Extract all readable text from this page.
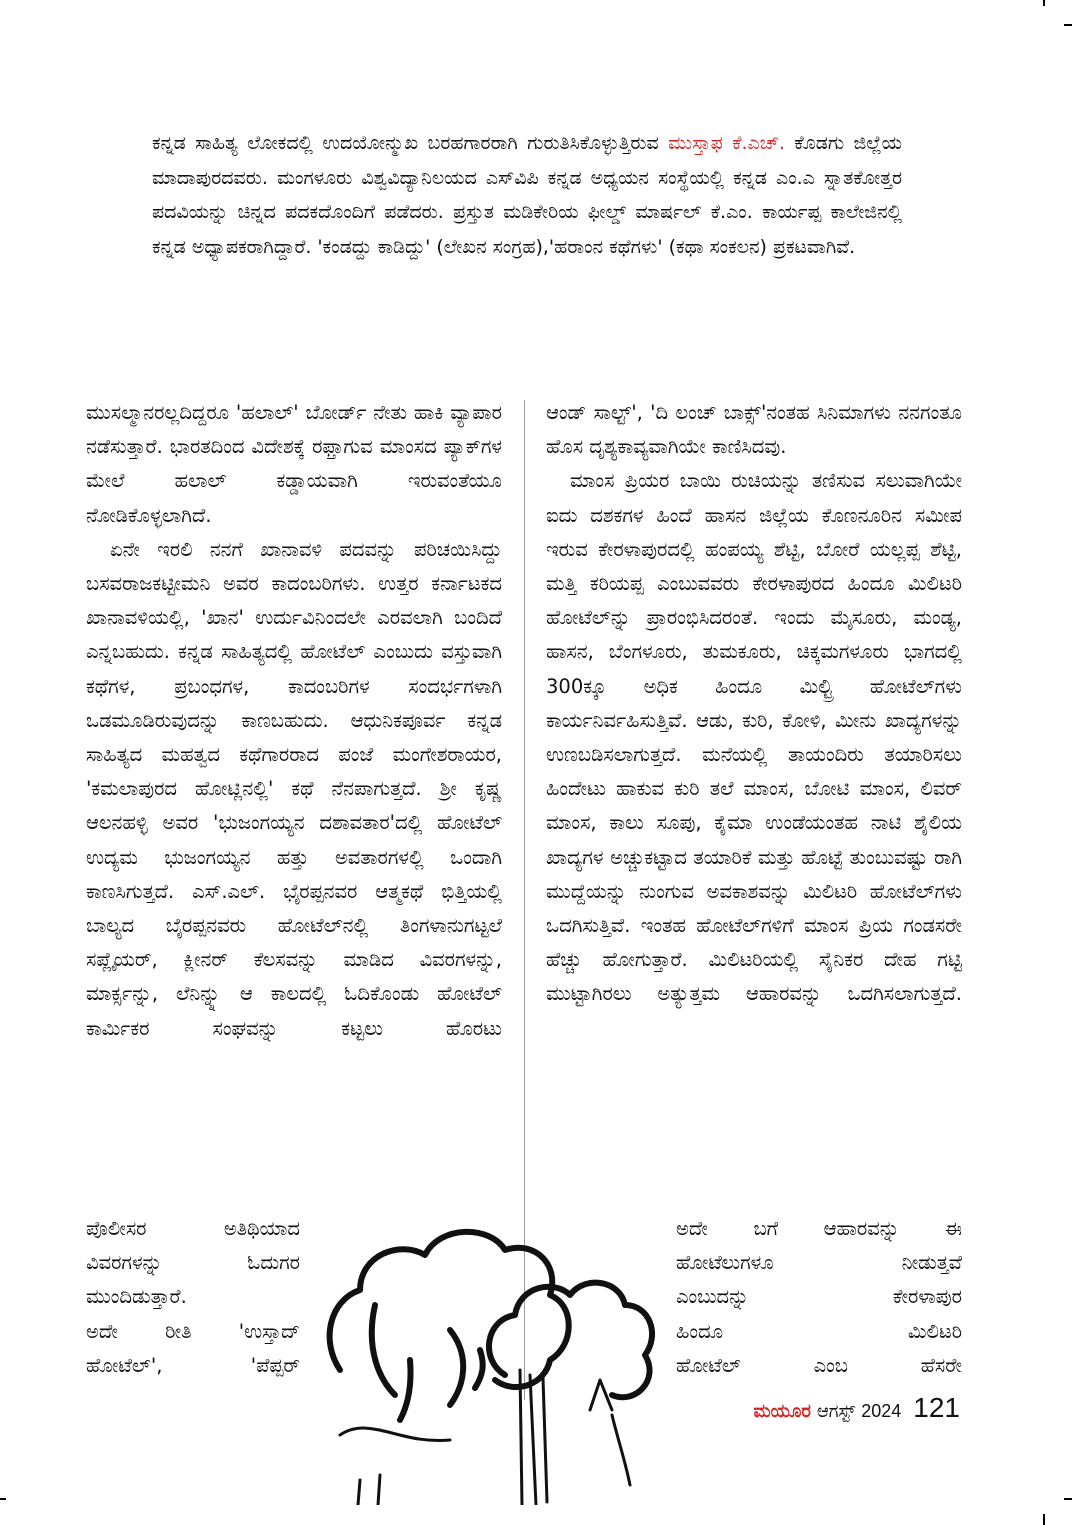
ಕನ್ನಡ ಸಾಹಿತ್ಯ ಲೋಕದಲ್ಲಿ ಉದಯೋನ್ಮುಖ ಬರಹಗಾರರಾಗಿ ಗುರುತಿಸಿಕೊಳ್ಳುತ್ತಿರುವ ಮುಸ್ತಾಫ ಕೆ.ಎಚ್. ಕೊಡಗು ಜಿಲ್ಲೆಯ ಮಾದಾಪುರದವರು. ಮಂಗಳೂರು ವಿಶ್ವವಿದ್ಯಾನಿಲಯದ ಎಸ್‌ವಿಪಿ ಕನ್ನಡ ಅಧ್ಯಯನ ಸಂಸ್ಥೆಯಲ್ಲಿ ಕನ್ನಡ ಎಂ.ಎ ಸ್ನಾತಕೋತ್ತರ ಪದವಿಯನ್ನು ಚಿನ್ನದ ಪದಕದೊಂದಿಗೆ ಪಡೆದರು. ಪ್ರಸ್ತುತ ಮಡಿಕೇರಿಯ ಫೀಲ್ಡ್ ಮಾರ್ಷಲ್ ಕೆ.ಎಂ. ಕಾರ್ಯಪ್ಪ ಕಾಲೇಜಿನಲ್ಲಿ ಕನ್ನಡ ಅಧ್ಯಾಪಕರಾಗಿದ್ದಾರೆ. 'ಕಂಡದ್ದು ಕಾಡಿದ್ದು' (ಲೇಖನ ಸಂಗ್ರಹ),'ಹರಾಂನ ಕಥೆಗಳು' (ಕಥಾ ಸಂಕಲನ) ಪ್ರಕಟವಾಗಿವೆ.

ಮುಸಲ್ಮಾನರಲ್ಲದಿದ್ದರೂ 'ಹಲಾಲ್' ಬೋರ್ಡ್ ನೇತು ಹಾಕಿ ವ್ಯಾಪಾರ ನಡೆಸುತ್ತಾರೆ. ಭಾರತದಿಂದ ವಿದೇಶಕ್ಕೆ ರಫ್ತಾಗುವ ಮಾಂಸದ ಪ್ಯಾಕ್‌ಗಳ ಮೇಲೆ ಹಲಾಲ್ ಕಡ್ಡಾಯವಾಗಿ ಇರುವಂತೆಯೂ ನೋಡಿಕೊಳ್ಳಲಾಗಿದೆ.

ಏನೇ ಇರಲಿ ನನಗೆ ಖಾನಾವಳಿ ಪದವನ್ನು ಪರಿಚಯಿಸಿದ್ದು ಬಸವರಾಜಕಟ್ಟೀಮನಿ ಅವರ ಕಾದಂಬರಿಗಳು. ಉತ್ತರ ಕರ್ನಾಟಕದ ಖಾನಾವಳಿಯಲ್ಲಿ, 'ಖಾನ' ಉರ್ದುವಿನಿಂದಲೇ ಎರವಲಾಗಿ ಬಂದಿದೆ ಎನ್ನಬಹುದು. ಕನ್ನಡ ಸಾಹಿತ್ಯದಲ್ಲಿ ಹೋಟೆಲ್ ಎಂಬುದು ವಸ್ತುವಾಗಿ ಕಥೆಗಳ, ಪ್ರಬಂಧಗಳ, ಕಾದಂಬರಿಗಳ ಸಂದರ್ಭಗಳಾಗಿ ಒಡಮೂಡಿರುವುದನ್ನು ಕಾಣಬಹುದು. ಆಧುನಿಕಪೂರ್ವ ಕನ್ನಡ ಸಾಹಿತ್ಯದ ಮಹತ್ವದ ಕಥೆಗಾರರಾದ ಪಂಜೆ ಮಂಗೇಶರಾಯರ, 'ಕಮಲಾಪುರದ ಹೋಟ್ಲಿನಲ್ಲಿ' ಕಥೆ ನೆನಪಾಗುತ್ತದೆ. ಶ್ರೀ ಕೃಷ್ಣ ಆಲನಹಳ್ಳಿ ಅವರ 'ಭುಜಂಗಯ್ಯನ ದಶಾವತಾರ'ದಲ್ಲಿ ಹೋಟೆಲ್ ಉದ್ಯಮ ಭುಜಂಗಯ್ಯನ ಹತ್ತು ಅವತಾರಗಳಲ್ಲಿ ಒಂದಾಗಿ ಕಾಣಸಿಗುತ್ತದೆ. ಎಸ್.ಎಲ್. ಭೈರಪ್ಪನವರ ಆತ್ಮಕಥೆ ಭಿತ್ತಿಯಲ್ಲಿ ಬಾಲ್ಯದ ಬೈರಪ್ಪನವರು ಹೋಟೆಲ್‌ನಲ್ಲಿ ತಿಂಗಳಾನುಗಟ್ಟಲೆ ಸಪ್ಲೈಯರ್, ಕ್ಲೀನರ್ ಕೆಲಸವನ್ನು ಮಾಡಿದ ವಿವರಗಳನ್ನು, ಮಾರ್ಕ್ಸನ್ನು, ಲೆನಿನ್ನ್ನು ಆ ಕಾಲದಲ್ಲಿ ಓದಿಕೊಂಡು ಹೋಟೆಲ್ ಕಾರ್ಮಿಕರ ಸಂಘವನ್ನು ಕಟ್ಟಲು ಹೊರಟು

ಪೊಲೀಸರ ಅತಿಥಿಯಾದ
ವಿವರಗಳನ್ನು ಓದುಗರ
ಮುಂದಿಡುತ್ತಾರೆ.
ಅದೇ ರೀತಿ 'ಉಸ್ತಾದ್
ಹೋಟೆಲ್', 'ಪೆಪ್ಪರ್

ಆಂಡ್ ಸಾಲ್ಟ್', 'ದಿ ಲಂಚ್ ಬಾಕ್ಸ್'ನಂತಹ ಸಿನಿಮಾಗಳು ನನಗಂತೂ ಹೊಸ ದೃಶ್ಯಕಾವ್ಯವಾಗಿಯೇ ಕಾಣಿಸಿದವು.

ಮಾಂಸ ಪ್ರಿಯರ ಬಾಯಿ ರುಚಿಯನ್ನು ತಣಿಸುವ ಸಲುವಾಗಿಯೇ ಐದು ದಶಕಗಳ ಹಿಂದೆ ಹಾಸನ ಜಿಲ್ಲೆಯ ಕೊಣನೂರಿನ ಸಮೀಪ ಇರುವ ಕೇರಳಾಪುರದಲ್ಲಿ ಹಂಪಯ್ಯ ಶೆಟ್ಟಿ, ಬೋರೆ ಯಲ್ಲಪ್ಪ ಶೆಟ್ಟಿ, ಮತ್ತಿ ಕರಿಯಪ್ಪ ಎಂಬುವವರು ಕೇರಳಾಪುರದ ಹಿಂದೂ ಮಿಲಿಟರಿ ಹೋಟೆಲ್‌ನ್ನು ಪ್ರಾರಂಭಿಸಿದರಂತೆ. ಇಂದು ಮೈಸೂರು, ಮಂಡ್ಯ, ಹಾಸನ, ಬೆಂಗಳೂರು, ತುಮಕೂರು, ಚಿಕ್ಕಮಗಳೂರು ಭಾಗದಲ್ಲಿ 300ಕ್ಕೂ ಅಧಿಕ ಹಿಂದೂ ಮಿಲ್ಟ್ರಿ ಹೋಟೆಲ್‌ಗಳು ಕಾರ್ಯನಿರ್ವಹಿಸುತ್ತಿವೆ. ಆಡು, ಕುರಿ, ಕೋಳಿ, ಮೀನು ಖಾದ್ಯಗಳನ್ನು ಉಣಬಡಿಸಲಾಗುತ್ತದೆ. ಮನೆಯಲ್ಲಿ ತಾಯಂದಿರು ತಯಾರಿಸಲು ಹಿಂದೇಟು ಹಾಕುವ ಕುರಿ ತಲೆ ಮಾಂಸ, ಬೋಟಿ ಮಾಂಸ, ಲಿವರ್ ಮಾಂಸ, ಕಾಲು ಸೂಪು, ಕೈಮಾ ಉಂಡೆಯಂತಹ ನಾಟಿ ಶೈಲಿಯ ಖಾದ್ಯಗಳ ಅಚ್ಚುಕಟ್ಟಾದ ತಯಾರಿಕೆ ಮತ್ತು ಹೊಟ್ಟೆ ತುಂಬುವಷ್ಟು ರಾಗಿ ಮುದ್ದೆಯನ್ನು ನುಂಗುವ ಅವಕಾಶವನ್ನು ಮಿಲಿಟರಿ ಹೋಟೆಲ್‌ಗಳು ಒದಗಿಸುತ್ತಿವೆ. ಇಂತಹ ಹೋಟೆಲ್‌ಗಳಿಗೆ ಮಾಂಸ ಪ್ರಿಯ ಗಂಡಸರೇ ಹೆಚ್ಚು ಹೋಗುತ್ತಾರೆ. ಮಿಲಿಟರಿಯಲ್ಲಿ ಸೈನಿಕರ ದೇಹ ಗಟ್ಟಿ ಮುಟ್ಟಾಗಿರಲು ಅತ್ಯುತ್ತಮ ಆಹಾರವನ್ನು ಒದಗಿಸಲಾಗುತ್ತದೆ.

ಅದೇ ಬಗೆ ಆಹಾರವನ್ನು ಈ
ಹೋಟೆಲುಗಳೂ ನೀಡುತ್ತವೆ
ಎಂಬುದನ್ನು ಕೇರಳಾಪುರ
ಹಿಂದೂ ಮಿಲಿಟರಿ
ಹೋಟೆಲ್ ಎಂಬ ಹೆಸರೇ
ಮಯೂರ ಆಗಸ್ಟ್ 2024 121
